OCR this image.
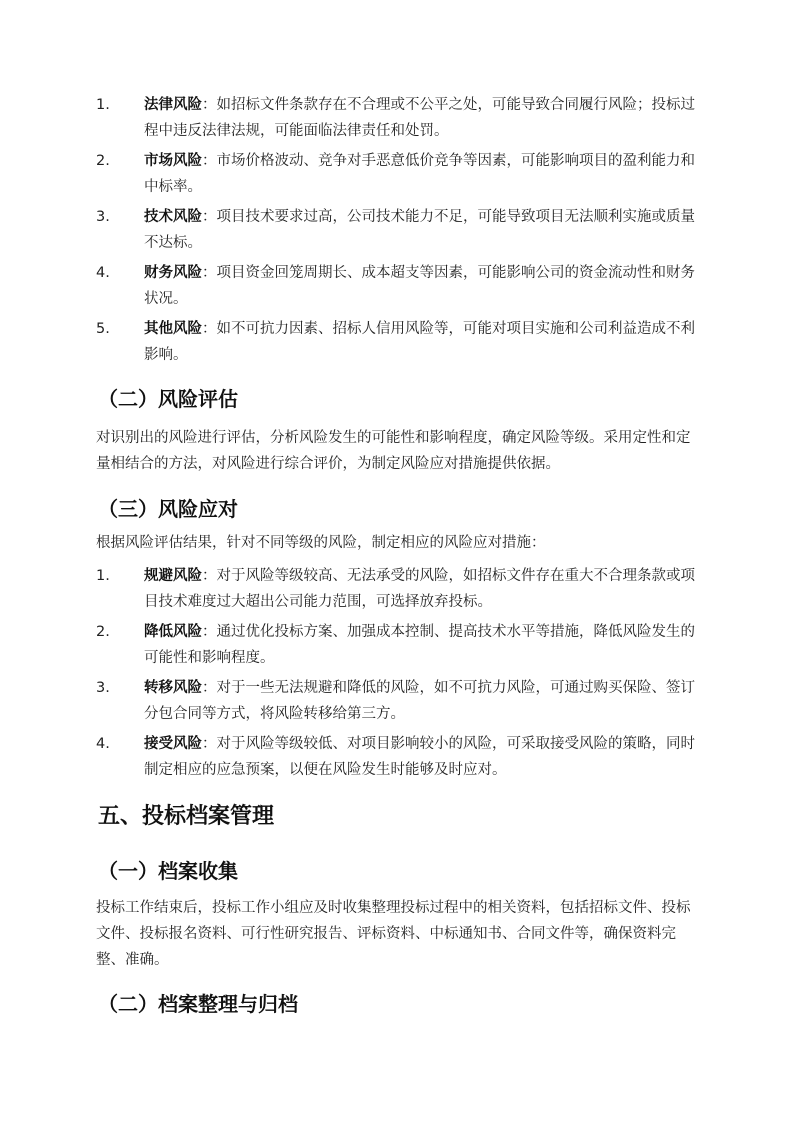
1.	法律风险：如招标文件条款存在不合理或不公平之处，可能导致合同履行风险；投标过程中违反法律法规，可能面临法律责任和处罚。
2.	市场风险：市场价格波动、竞争对手恶意低价竞争等因素，可能影响项目的盈利能力和中标率。
3.	技术风险：项目技术要求过高，公司技术能力不足，可能导致项目无法顺利实施或质量不达标。
4.	财务风险：项目资金回笼周期长、成本超支等因素，可能影响公司的资金流动性和财务状况。
5.	其他风险：如不可抗力因素、招标人信用风险等，可能对项目实施和公司利益造成不利影响。
（二）风险评估

对识别出的风险进行评估，分析风险发生的可能性和影响程度，确定风险等级。采用定性和定量相结合的方法，对风险进行综合评价，为制定风险应对措施提供依据。

（三）风险应对

根据风险评估结果，针对不同等级的风险，制定相应的风险应对措施：

1.	规避风险：对于风险等级较高、无法承受的风险，如招标文件存在重大不合理条款或项目技术难度过大超出公司能力范围，可选择放弃投标。
2.	降低风险：通过优化投标方案、加强成本控制、提高技术水平等措施，降低风险发生的可能性和影响程度。
3.	转移风险：对于一些无法规避和降低的风险，如不可抗力风险，可通过购买保险、签订分包合同等方式，将风险转移给第三方。
4.	接受风险：对于风险等级较低、对项目影响较小的风险，可采取接受风险的策略，同时制定相应的应急预案，以便在风险发生时能够及时应对。
五、投标档案管理
（一）档案收集

投标工作结束后，投标工作小组应及时收集整理投标过程中的相关资料，包括招标文件、投标文件、投标报名资料、可行性研究报告、评标资料、中标通知书、合同文件等，确保资料完整、准确。

（二）档案整理与归档
